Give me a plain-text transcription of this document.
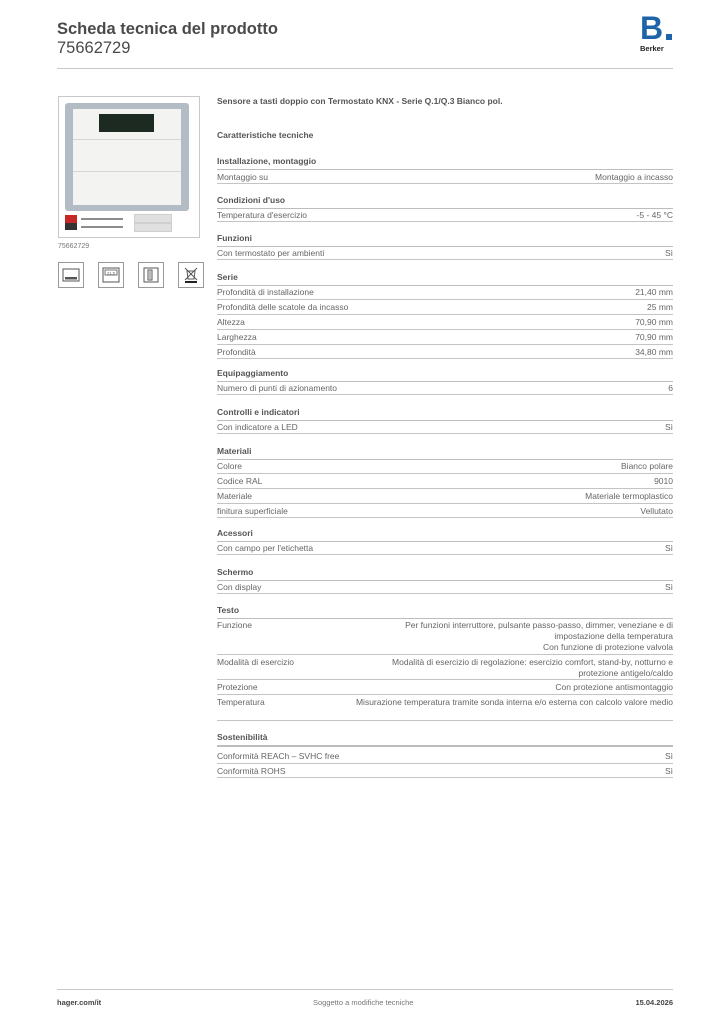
Scheda tecnica del prodotto
75662729
B
Berker
75662729
21.5
Sensore a tasti doppio con Termostato KNX - Serie Q.1/Q.3 Bianco pol.
Caratteristiche tecniche
Installazione, montaggio
Montaggio su	Montaggio a incasso
Condizioni d'uso
Temperatura d'esercizio	-5 - 45 °C
Funzioni
Con termostato per ambienti	Sì
Serie
Profondità di installazione	21,40 mm
Profondità delle scatole da incasso	25 mm
Altezza	70,90 mm
Larghezza	70,90 mm
Profondità	34,80 mm
Equipaggiamento
Numero di punti di azionamento	6
Controlli e indicatori
Con indicatore a LED	Sì
Materiali
Colore	Bianco polare
Codice RAL	9010
Materiale	Materiale termoplastico
finitura superficiale	Vellutato
Acessori
Con campo per l'etichetta	Sì
Schermo
Con display	Sì
Testo
Funzione	Per funzioni interruttore, pulsante passo-passo, dimmer, veneziane e di impostazione della temperatura
Con funzione di protezione valvola
Modalità di esercizio	Modalità di esercizio di regolazione: esercizio comfort, stand-by, notturno e protezione antigelo/caldo
Protezione	Con protezione antismontaggio
Temperatura	Misurazione temperatura tramite sonda interna e/o esterna con calcolo valore medio
Sostenibilità
Conformità REACh – SVHC free	Sì
Conformità ROHS	Sì
hager.com/it	Soggetto a modifiche tecniche	15.04.2026
